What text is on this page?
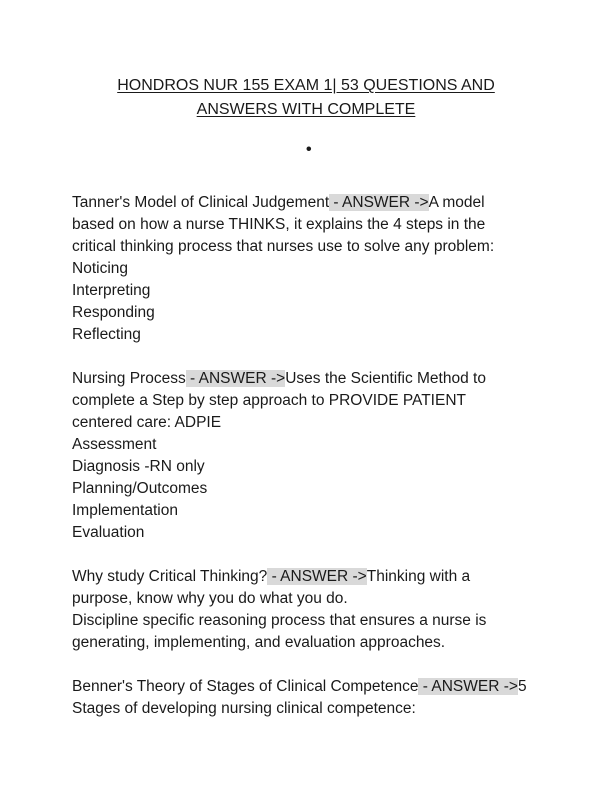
HONDROS NUR 155 EXAM 1| 53 QUESTIONS AND
ANSWERS WITH COMPLETE
•
Tanner's Model of Clinical Judgement - ANSWER ->A model
based on how a nurse THINKS, it explains the 4 steps in the
critical thinking process that nurses use to solve any problem:
Noticing
Interpreting
Responding
Reflecting
Nursing Process - ANSWER ->Uses the Scientific Method to
complete a Step by step approach to PROVIDE PATIENT
centered care: ADPIE
Assessment
Diagnosis -RN only
Planning/Outcomes
Implementation
Evaluation
Why study Critical Thinking? - ANSWER ->Thinking with a
purpose, know why you do what you do.
Discipline specific reasoning process that ensures a nurse is
generating, implementing, and evaluation approaches.
Benner's Theory of Stages of Clinical Competence - ANSWER ->5
Stages of developing nursing clinical competence:
